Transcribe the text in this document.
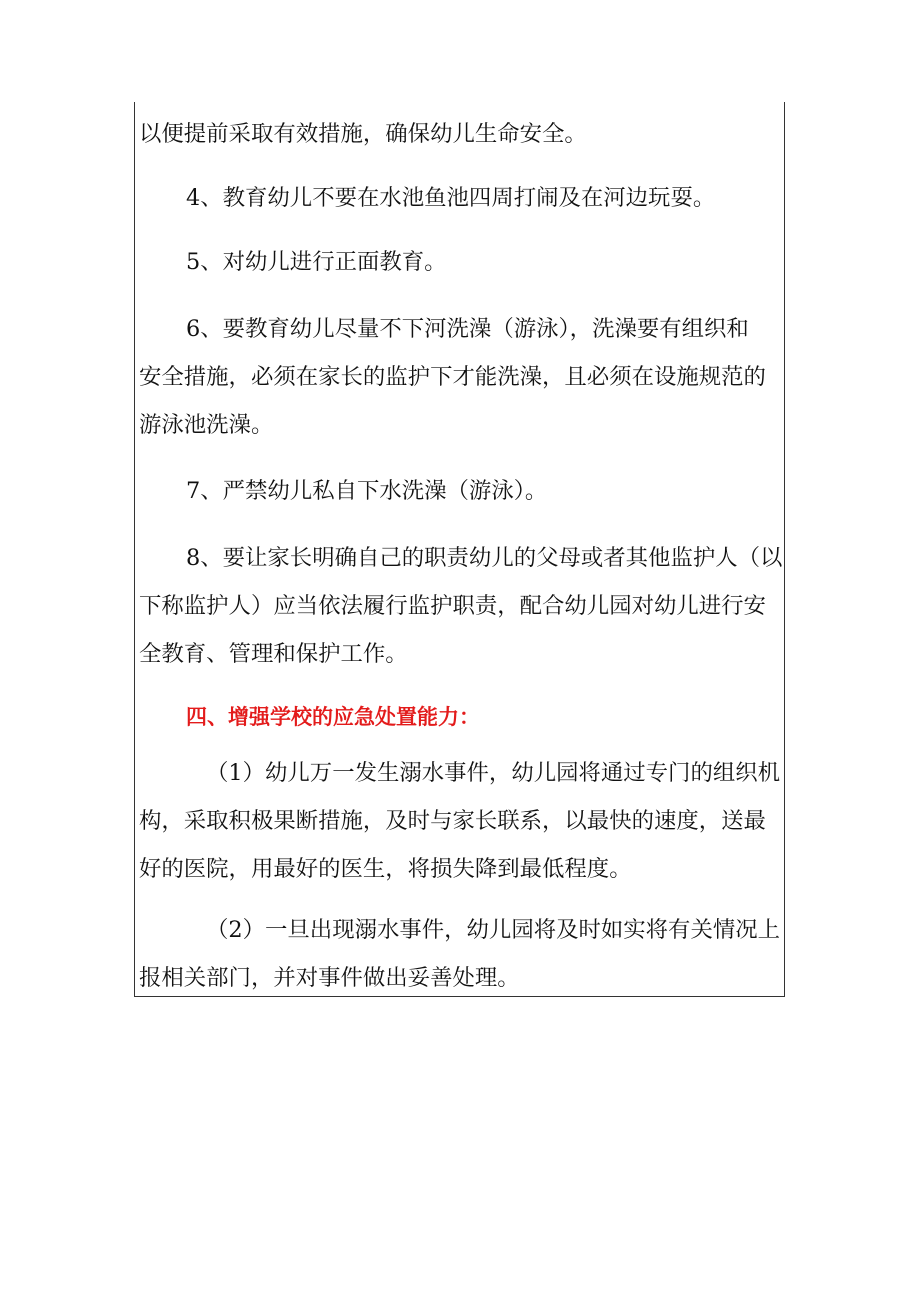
以便提前采取有效措施，确保幼儿生命安全。
4、教育幼儿不要在水池鱼池四周打闹及在河边玩耍。
5、对幼儿进行正面教育。
6、要教育幼儿尽量不下河洗澡（游泳），洗澡要有组织和
安全措施，必须在家长的监护下才能洗澡，且必须在设施规范的
游泳池洗澡。
7、严禁幼儿私自下水洗澡（游泳）。
8、要让家长明确自己的职责幼儿的父母或者其他监护人（以
下称监护人）应当依法履行监护职责，配合幼儿园对幼儿进行安
全教育、管理和保护工作。
四、增强学校的应急处置能力：
（1）幼儿万一发生溺水事件，幼儿园将通过专门的组织机
构，采取积极果断措施，及时与家长联系，以最快的速度，送最
好的医院，用最好的医生，将损失降到最低程度。
（2）一旦出现溺水事件，幼儿园将及时如实将有关情况上
报相关部门，并对事件做出妥善处理。
